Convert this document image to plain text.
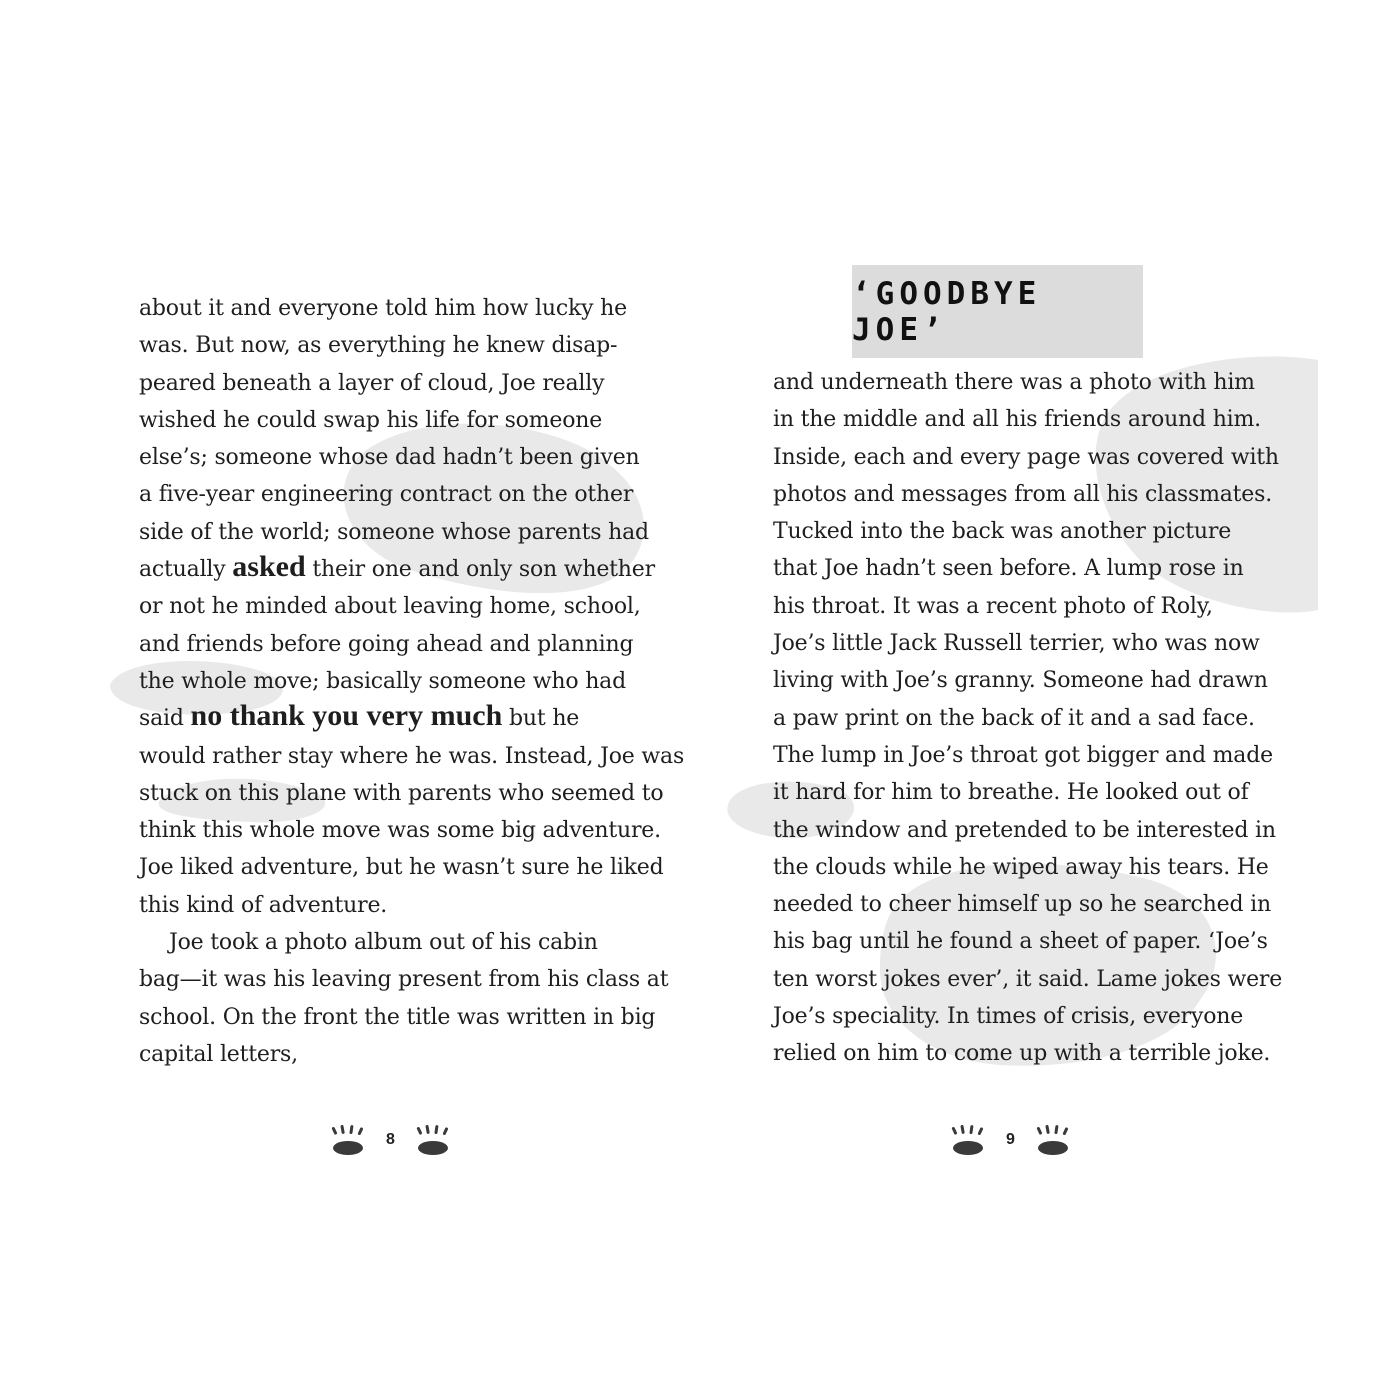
about it and everyone told him how lucky he
was. But now, as everything he knew disap-
peared beneath a layer of cloud, Joe really
wished he could swap his life for someone
else’s; someone whose dad hadn’t been given
a five-year engineering contract on the other
side of the world; someone whose parents had
actually asked their one and only son whether
or not he minded about leaving home, school,
and friends before going ahead and planning
the whole move; basically someone who had
said no thank you very much but he
would rather stay where he was. Instead, Joe was
stuck on this plane with parents who seemed to
think this whole move was some big adventure.
Joe liked adventure, but he wasn’t sure he liked
this kind of adventure.
Joe took a photo album out of his cabin
bag—it was his leaving present from his class at
school. On the front the title was written in big
capital letters,
8
‘GOODBYE JOE’
and underneath there was a photo with him
in the middle and all his friends around him.
Inside, each and every page was covered with
photos and messages from all his classmates.
Tucked into the back was another picture
that Joe hadn’t seen before. A lump rose in
his throat. It was a recent photo of Roly,
Joe’s little Jack Russell terrier, who was now
living with Joe’s granny. Someone had drawn
a paw print on the back of it and a sad face.
The lump in Joe’s throat got bigger and made
it hard for him to breathe. He looked out of
the window and pretended to be interested in
the clouds while he wiped away his tears. He
needed to cheer himself up so he searched in
his bag until he found a sheet of paper. ‘Joe’s
ten worst jokes ever’, it said. Lame jokes were
Joe’s speciality. In times of crisis, everyone
relied on him to come up with a terrible joke.
9
